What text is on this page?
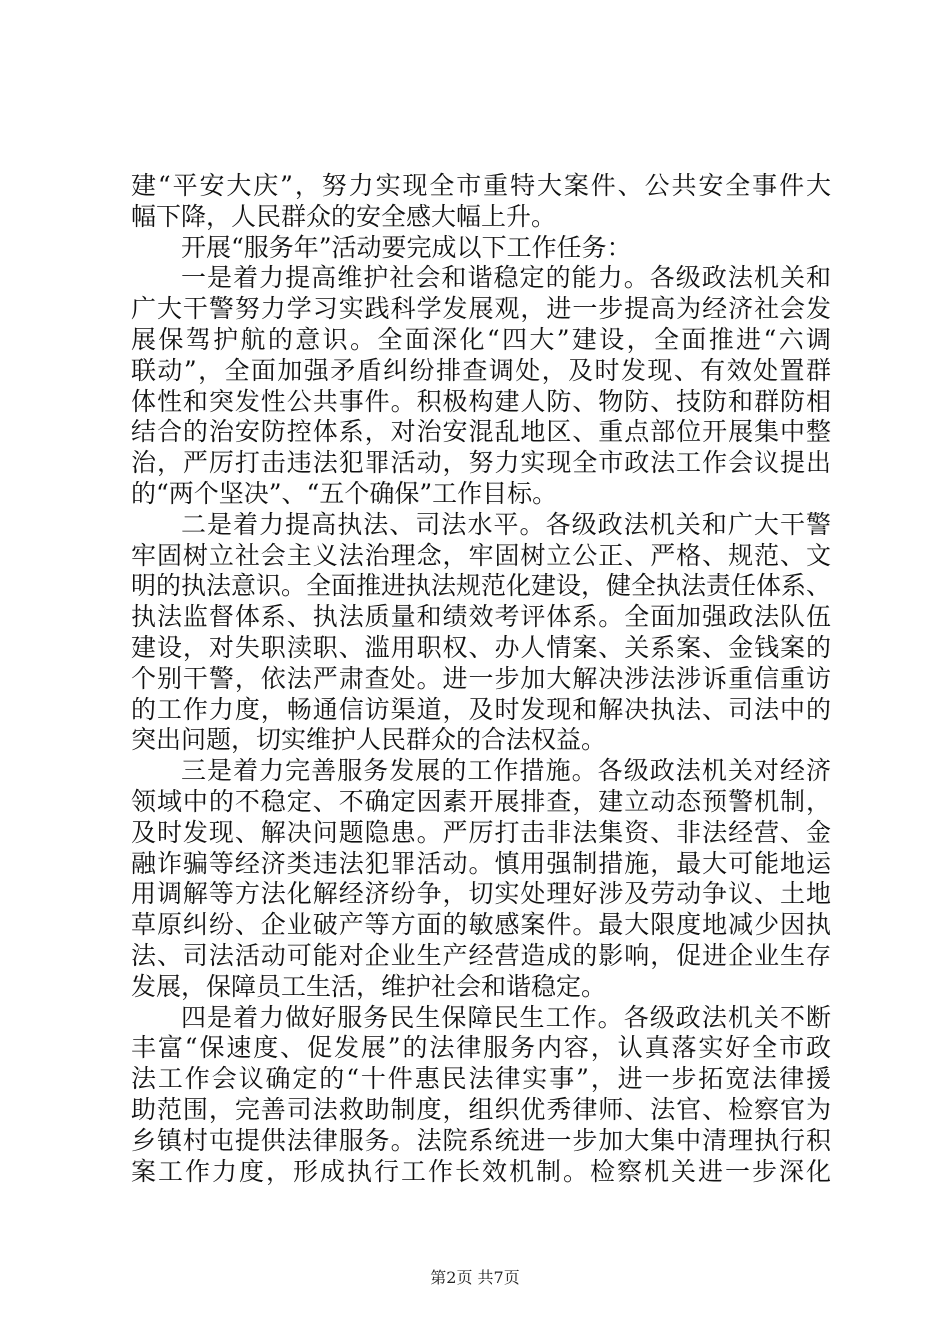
建“平安大庆”，努力实现全市重特大案件、公共安全事件大
幅下降，人民群众的安全感大幅上升。
开展“服务年”活动要完成以下工作任务：
一是着力提高维护社会和谐稳定的能力。各级政法机关和
广大干警努力学习实践科学发展观，进一步提高为经济社会发
展保驾护航的意识。全面深化“四大”建设，全面推进“六调
联动”，全面加强矛盾纠纷排查调处，及时发现、有效处置群
体性和突发性公共事件。积极构建人防、物防、技防和群防相
结合的治安防控体系，对治安混乱地区、重点部位开展集中整
治，严厉打击违法犯罪活动，努力实现全市政法工作会议提出
的“两个坚决”、“五个确保”工作目标。
二是着力提高执法、司法水平。各级政法机关和广大干警
牢固树立社会主义法治理念，牢固树立公正、严格、规范、文
明的执法意识。全面推进执法规范化建设，健全执法责任体系、
执法监督体系、执法质量和绩效考评体系。全面加强政法队伍
建设，对失职渎职、滥用职权、办人情案、关系案、金钱案的
个别干警，依法严肃查处。进一步加大解决涉法涉诉重信重访
的工作力度，畅通信访渠道，及时发现和解决执法、司法中的
突出问题，切实维护人民群众的合法权益。
三是着力完善服务发展的工作措施。各级政法机关对经济
领域中的不稳定、不确定因素开展排查，建立动态预警机制，
及时发现、解决问题隐患。严厉打击非法集资、非法经营、金
融诈骗等经济类违法犯罪活动。慎用强制措施，最大可能地运
用调解等方法化解经济纷争，切实处理好涉及劳动争议、土地
草原纠纷、企业破产等方面的敏感案件。最大限度地减少因执
法、司法活动可能对企业生产经营造成的影响，促进企业生存
发展，保障员工生活，维护社会和谐稳定。
四是着力做好服务民生保障民生工作。各级政法机关不断
丰富“保速度、促发展”的法律服务内容，认真落实好全市政
法工作会议确定的“十件惠民法律实事”，进一步拓宽法律援
助范围，完善司法救助制度，组织优秀律师、法官、检察官为
乡镇村屯提供法律服务。法院系统进一步加大集中清理执行积
案工作力度，形成执行工作长效机制。检察机关进一步深化
第2页 共7页
